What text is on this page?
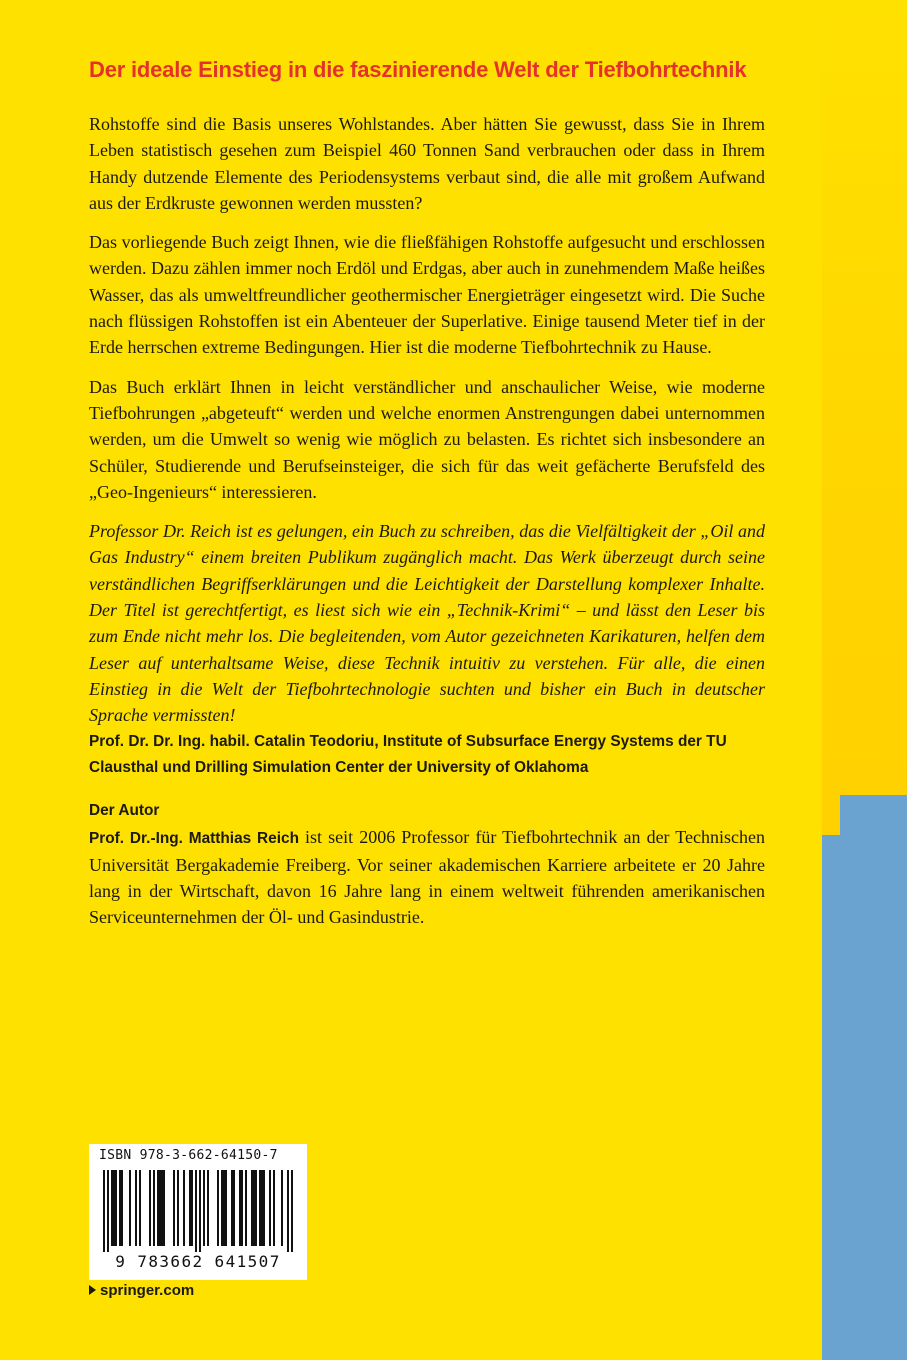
Der ideale Einstieg in die faszinierende Welt der Tiefbohrtechnik

Rohstoffe sind die Basis unseres Wohlstandes. Aber hätten Sie gewusst, dass Sie in Ihrem Leben statistisch gesehen zum Beispiel 460 Tonnen Sand verbrauchen oder dass in Ihrem Handy dutzende Elemente des Periodensystems verbaut sind, die alle mit großem Aufwand aus der Erdkruste gewonnen werden mussten?

Das vorliegende Buch zeigt Ihnen, wie die fließfähigen Rohstoffe aufgesucht und erschlossen werden. Dazu zählen immer noch Erdöl und Erdgas, aber auch in zunehmendem Maße heißes Wasser, das als umweltfreundlicher geothermischer Energieträger eingesetzt wird. Die Suche nach flüssigen Rohstoffen ist ein Abenteuer der Superlative. Einige tausend Meter tief in der Erde herrschen extreme Bedingungen. Hier ist die moderne Tiefbohrtechnik zu Hause.

Das Buch erklärt Ihnen in leicht verständlicher und anschaulicher Weise, wie moderne Tiefbohrungen „abgeteuft“ werden und welche enormen Anstrengungen dabei unternommen werden, um die Umwelt so wenig wie möglich zu belasten. Es richtet sich insbesondere an Schüler, Studierende und Berufseinsteiger, die sich für das weit gefächerte Berufsfeld des „Geo-Ingenieurs“ interessieren.

Professor Dr. Reich ist es gelungen, ein Buch zu schreiben, das die Vielfältigkeit der „Oil and Gas Industry“ einem breiten Publikum zugänglich macht. Das Werk überzeugt durch seine verständlichen Begriffserklärungen und die Leichtigkeit der Darstellung komplexer Inhalte. Der Titel ist gerechtfertigt, es liest sich wie ein „Technik-Krimi“ – und lässt den Leser bis zum Ende nicht mehr los. Die begleitenden, vom Autor gezeichneten Karikaturen, helfen dem Leser auf unterhaltsame Weise, diese Technik intuitiv zu verstehen. Für alle, die einen Einstieg in die Welt der Tiefbohrtechnologie suchten und bisher ein Buch in deutscher Sprache vermissten!

Prof. Dr. Dr. Ing. habil. Catalin Teodoriu, Institute of Subsurface Energy Systems der TU Clausthal und Drilling Simulation Center der University of Oklahoma

Der Autor

Prof. Dr.-Ing. Matthias Reich ist seit 2006 Professor für Tiefbohrtechnik an der Technischen Universität Bergakademie Freiberg. Vor seiner akademischen Karriere arbeitete er 20 Jahre lang in der Wirtschaft, davon 16 Jahre lang in einem weltweit führenden amerikanischen Serviceunternehmen der Öl- und Gasindustrie.

ISBN 978-3-662-64150-7
9 783662 641507
springer.com
